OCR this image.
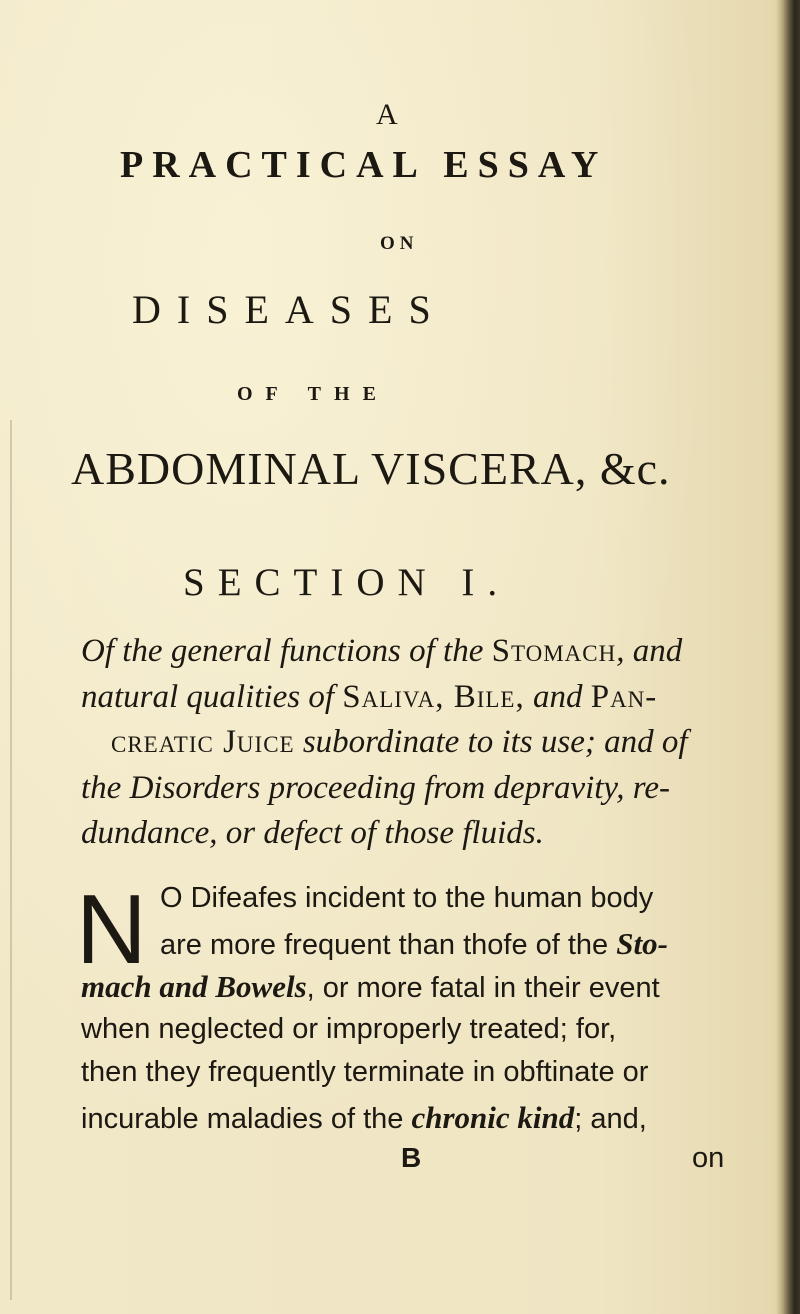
A
PRACTICAL ESSAY
ON
DISEASES
OF THE
ABDOMINAL VISCERA, &c.
SECTION I.
Of the general functions of the Stomach, and
natural qualities of Saliva, Bile, and Pan-
creatic Juice subordinate to its use; and of
the Disorders proceeding from depravity, re-
dundance, or defect of those fluids.
N O Difeafes incident to the human body
are more frequent than thofe of the Sto-
mach and Bowels, or more fatal in their event
when neglected or improperly treated; for,
then they frequently terminate in obftinate or
incurable maladies of the chronic kind; and,
B	on
